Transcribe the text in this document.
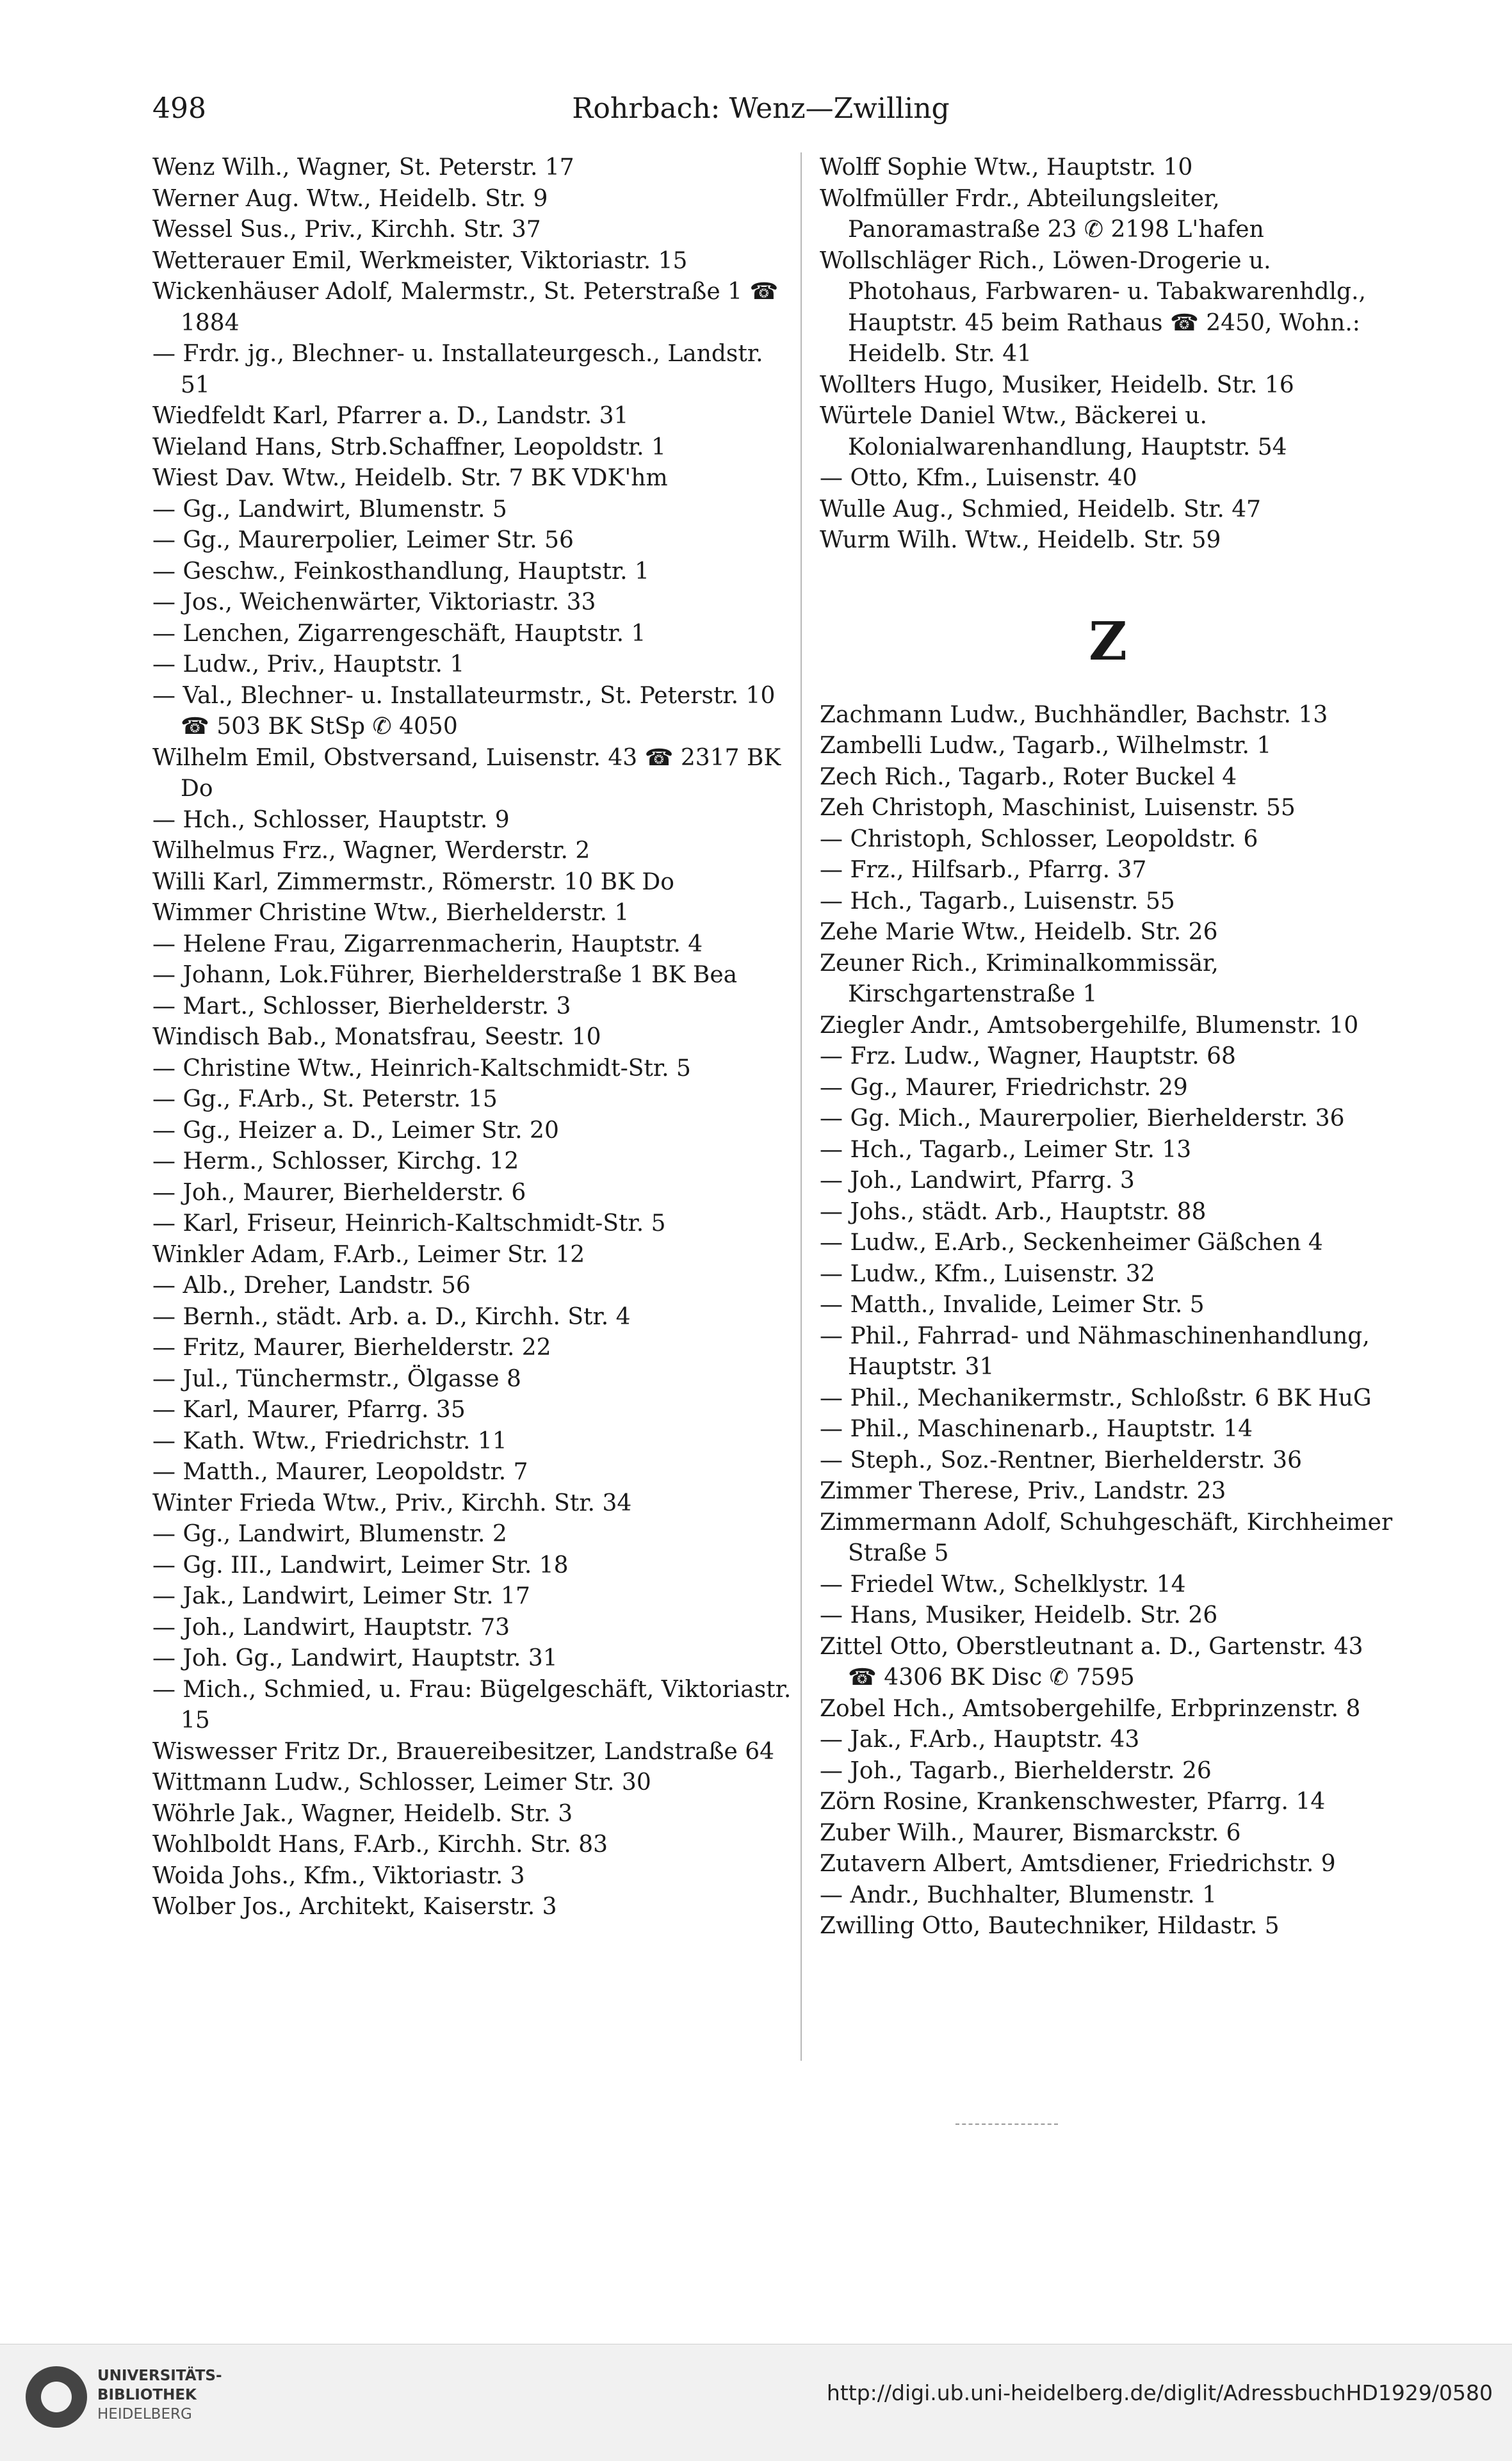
498	Rohrbach: Wenz—Zwilling

Wenz Wilh., Wagner, St. Peterstr. 17

Werner Aug. Wtw., Heidelb. Str. 9

Wessel Sus., Priv., Kirchh. Str. 37

Wetterauer Emil, Werkmeister, Viktoriastr. 15

Wickenhäuser Adolf, Malermstr., St. Peterstraße 1 ☎ 1884

— Frdr. jg., Blechner- u. Installateurgesch., Landstr. 51

Wiedfeldt Karl, Pfarrer a. D., Landstr. 31

Wieland Hans, Strb.Schaffner, Leopoldstr. 1

Wiest Dav. Wtw., Heidelb. Str. 7 BK VDK'hm

— Gg., Landwirt, Blumenstr. 5

— Gg., Maurerpolier, Leimer Str. 56

— Geschw., Feinkosthandlung, Hauptstr. 1

— Jos., Weichenwärter, Viktoriastr. 33

— Lenchen, Zigarrengeschäft, Hauptstr. 1

— Ludw., Priv., Hauptstr. 1

— Val., Blechner- u. Installateurmstr., St. Peterstr. 10 ☎ 503 BK StSp ✆ 4050

Wilhelm Emil, Obstversand, Luisenstr. 43 ☎ 2317 BK Do

— Hch., Schlosser, Hauptstr. 9

Wilhelmus Frz., Wagner, Werderstr. 2

Willi Karl, Zimmermstr., Römerstr. 10 BK Do

Wimmer Christine Wtw., Bierhelderstr. 1

— Helene Frau, Zigarrenmacherin, Hauptstr. 4

— Johann, Lok.Führer, Bierhelderstraße 1 BK Bea

— Mart., Schlosser, Bierhelderstr. 3

Windisch Bab., Monatsfrau, Seestr. 10

— Christine Wtw., Heinrich-Kaltschmidt-Str. 5

— Gg., F.Arb., St. Peterstr. 15

— Gg., Heizer a. D., Leimer Str. 20

— Herm., Schlosser, Kirchg. 12

— Joh., Maurer, Bierhelderstr. 6

— Karl, Friseur, Heinrich-Kaltschmidt-Str. 5

Winkler Adam, F.Arb., Leimer Str. 12

— Alb., Dreher, Landstr. 56

— Bernh., städt. Arb. a. D., Kirchh. Str. 4

— Fritz, Maurer, Bierhelderstr. 22

— Jul., Tünchermstr., Ölgasse 8

— Karl, Maurer, Pfarrg. 35

— Kath. Wtw., Friedrichstr. 11

— Matth., Maurer, Leopoldstr. 7

Winter Frieda Wtw., Priv., Kirchh. Str. 34

— Gg., Landwirt, Blumenstr. 2

— Gg. III., Landwirt, Leimer Str. 18

— Jak., Landwirt, Leimer Str. 17

— Joh., Landwirt, Hauptstr. 73

— Joh. Gg., Landwirt, Hauptstr. 31

— Mich., Schmied, u. Frau: Bügelgeschäft, Viktoriastr. 15

Wiswesser Fritz Dr., Brauereibesitzer, Landstraße 64

Wittmann Ludw., Schlosser, Leimer Str. 30

Wöhrle Jak., Wagner, Heidelb. Str. 3

Wohlboldt Hans, F.Arb., Kirchh. Str. 83

Woida Johs., Kfm., Viktoriastr. 3

Wolber Jos., Architekt, Kaiserstr. 3

Wolff Sophie Wtw., Hauptstr. 10

Wolfmüller Frdr., Abteilungsleiter, Panoramastraße 23 ✆ 2198 L'hafen

Wollschläger Rich., Löwen-Drogerie u. Photohaus, Farbwaren- u. Tabakwarenhdlg., Hauptstr. 45 beim Rathaus ☎ 2450, Wohn.: Heidelb. Str. 41

Wollters Hugo, Musiker, Heidelb. Str. 16

Würtele Daniel Wtw., Bäckerei u. Kolonialwarenhandlung, Hauptstr. 54

— Otto, Kfm., Luisenstr. 40

Wulle Aug., Schmied, Heidelb. Str. 47

Wurm Wilh. Wtw., Heidelb. Str. 59

Z

Zachmann Ludw., Buchhändler, Bachstr. 13

Zambelli Ludw., Tagarb., Wilhelmstr. 1

Zech Rich., Tagarb., Roter Buckel 4

Zeh Christoph, Maschinist, Luisenstr. 55

— Christoph, Schlosser, Leopoldstr. 6

— Frz., Hilfsarb., Pfarrg. 37

— Hch., Tagarb., Luisenstr. 55

Zehe Marie Wtw., Heidelb. Str. 26

Zeuner Rich., Kriminalkommissär, Kirschgartenstraße 1

Ziegler Andr., Amtsobergehilfe, Blumenstr. 10

— Frz. Ludw., Wagner, Hauptstr. 68

— Gg., Maurer, Friedrichstr. 29

— Gg. Mich., Maurerpolier, Bierhelderstr. 36

— Hch., Tagarb., Leimer Str. 13

— Joh., Landwirt, Pfarrg. 3

— Johs., städt. Arb., Hauptstr. 88

— Ludw., E.Arb., Seckenheimer Gäßchen 4

— Ludw., Kfm., Luisenstr. 32

— Matth., Invalide, Leimer Str. 5

— Phil., Fahrrad- und Nähmaschinenhandlung, Hauptstr. 31

— Phil., Mechanikermstr., Schloßstr. 6 BK HuG

— Phil., Maschinenarb., Hauptstr. 14

— Steph., Soz.-Rentner, Bierhelderstr. 36

Zimmer Therese, Priv., Landstr. 23

Zimmermann Adolf, Schuhgeschäft, Kirchheimer Straße 5

— Friedel Wtw., Schelklystr. 14

— Hans, Musiker, Heidelb. Str. 26

Zittel Otto, Oberstleutnant a. D., Gartenstr. 43 ☎ 4306 BK Disc ✆ 7595

Zobel Hch., Amtsobergehilfe, Erbprinzenstr. 8

— Jak., F.Arb., Hauptstr. 43

— Joh., Tagarb., Bierhelderstr. 26

Zörn Rosine, Krankenschwester, Pfarrg. 14

Zuber Wilh., Maurer, Bismarckstr. 6

Zutavern Albert, Amtsdiener, Friedrichstr. 9

— Andr., Buchhalter, Blumenstr. 1

Zwilling Otto, Bautechniker, Hildastr. 5

UNIVERSITÄTS-
BIBLIOTHEK
HEIDELBERG
http://digi.ub.uni-heidelberg.de/diglit/AdressbuchHD1929/0580
